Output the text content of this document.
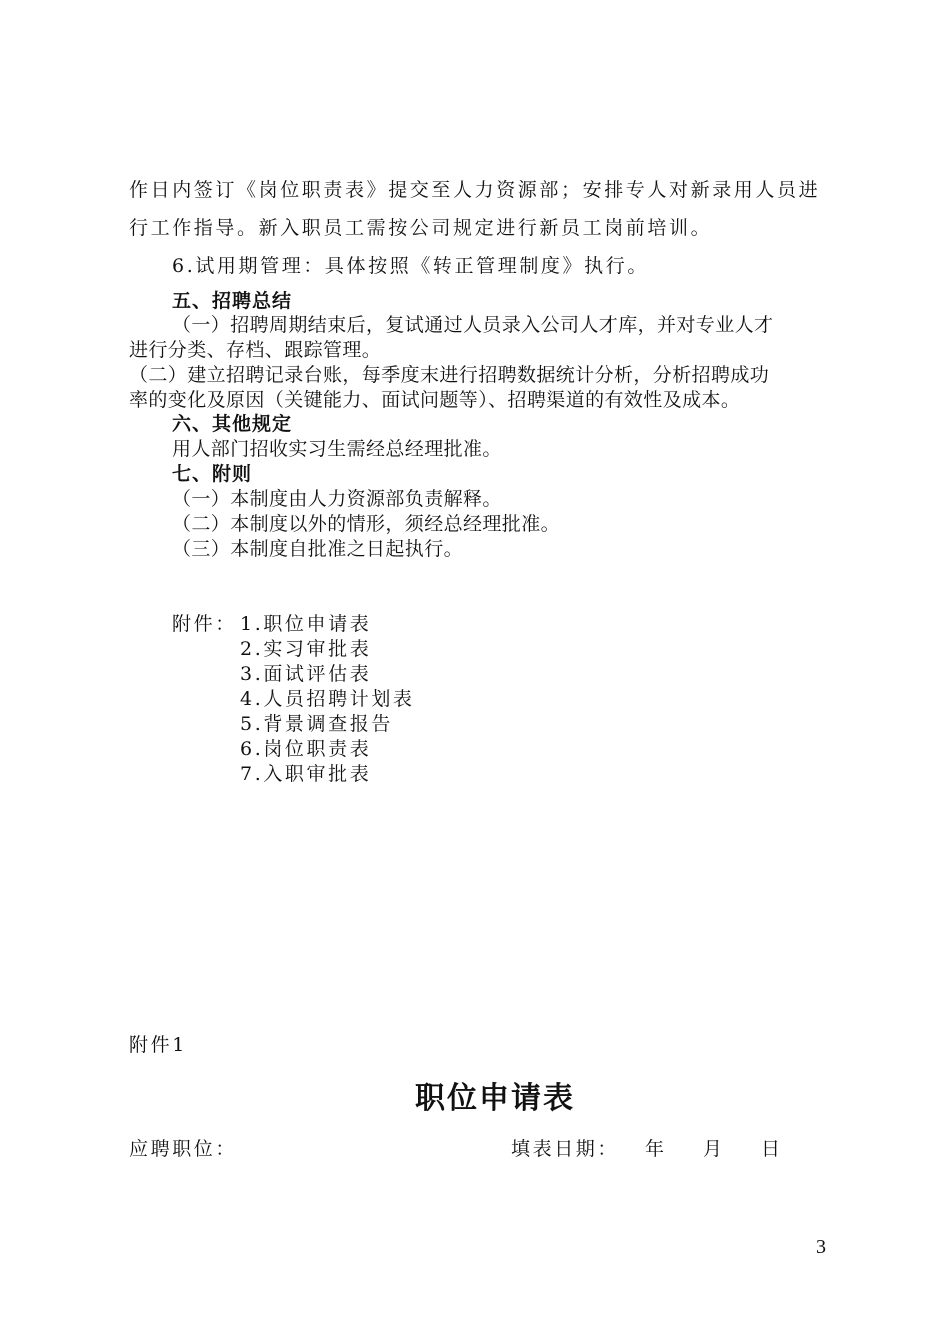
作日内签订《岗位职责表》提交至人力资源部；安排专人对新录用人员进
行工作指导。新入职员工需按公司规定进行新员工岗前培训。
6.试用期管理：具体按照《转正管理制度》执行。
五、招聘总结
（一）招聘周期结束后，复试通过人员录入公司人才库，并对专业人才
进行分类、存档、跟踪管理。
（二）建立招聘记录台账，每季度末进行招聘数据统计分析，分析招聘成功
率的变化及原因（关键能力、面试问题等）、招聘渠道的有效性及成本。
六、其他规定
用人部门招收实习生需经总经理批准。
七、附则
（一）本制度由人力资源部负责解释。
（二）本制度以外的情形，须经总经理批准。
（三）本制度自批准之日起执行。
附件： 1.职位申请表
2.实习审批表
3.面试评估表
4.人员招聘计划表
5.背景调查报告
6.岗位职责表
7.入职审批表
附件1
职位申请表
应聘职位：	填表日期： 年 月 日
3
